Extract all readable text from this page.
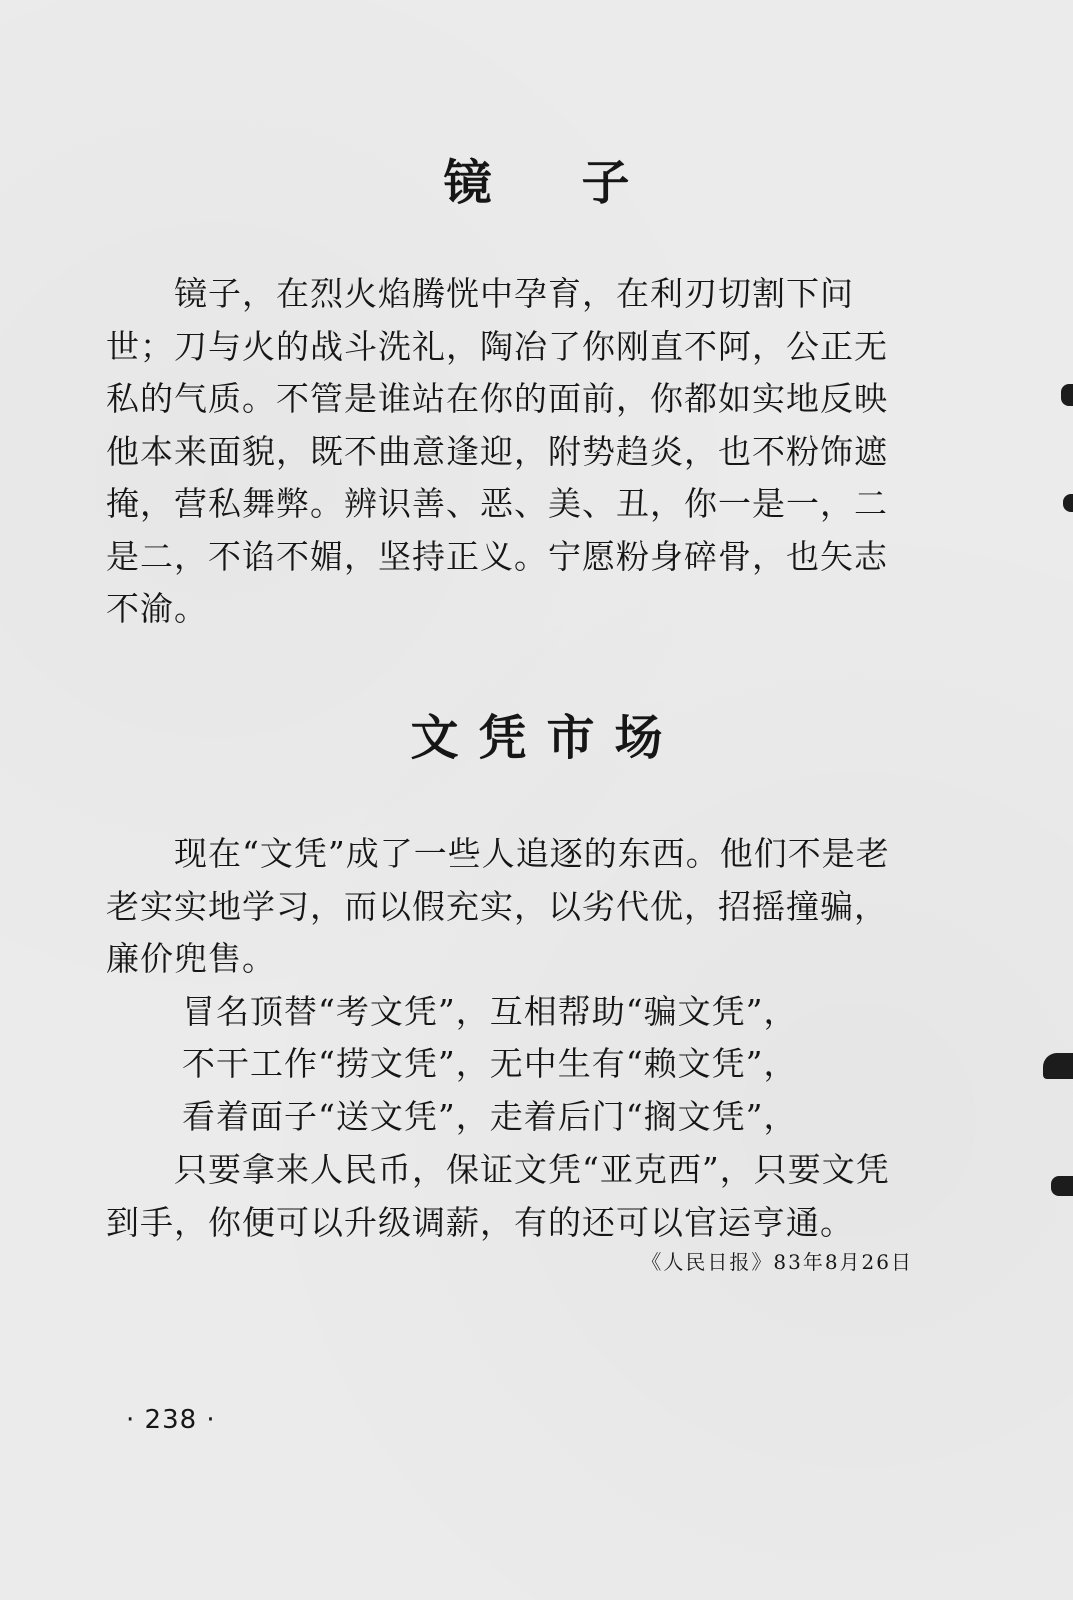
镜子

镜子，在烈火焰腾恍中孕育，在利刃切割下问世；刀与火的战斗洗礼，陶冶了你刚直不阿，公正无私的气质。不管是谁站在你的面前，你都如实地反映他本来面貌，既不曲意逢迎，附势趋炎，也不粉饰遮掩，营私舞弊。辨识善、恶、美、丑，你一是一，二是二，不谄不媚，坚持正义。宁愿粉身碎骨，也矢志不渝。

文凭市场

现在“文凭”成了一些人追逐的东西。他们不是老老实实地学习，而以假充实，以劣代优，招摇撞骗，廉价兜售。

冒名顶替“考文凭”，互相帮助“骗文凭”，

不干工作“捞文凭”，无中生有“赖文凭”，

看着面子“送文凭”，走着后门“搁文凭”，

只要拿来人民币，保证文凭“亚克西”，只要文凭到手，你便可以升级调薪，有的还可以官运亨通。

《人民日报》83年8月26日

· 238 ·
